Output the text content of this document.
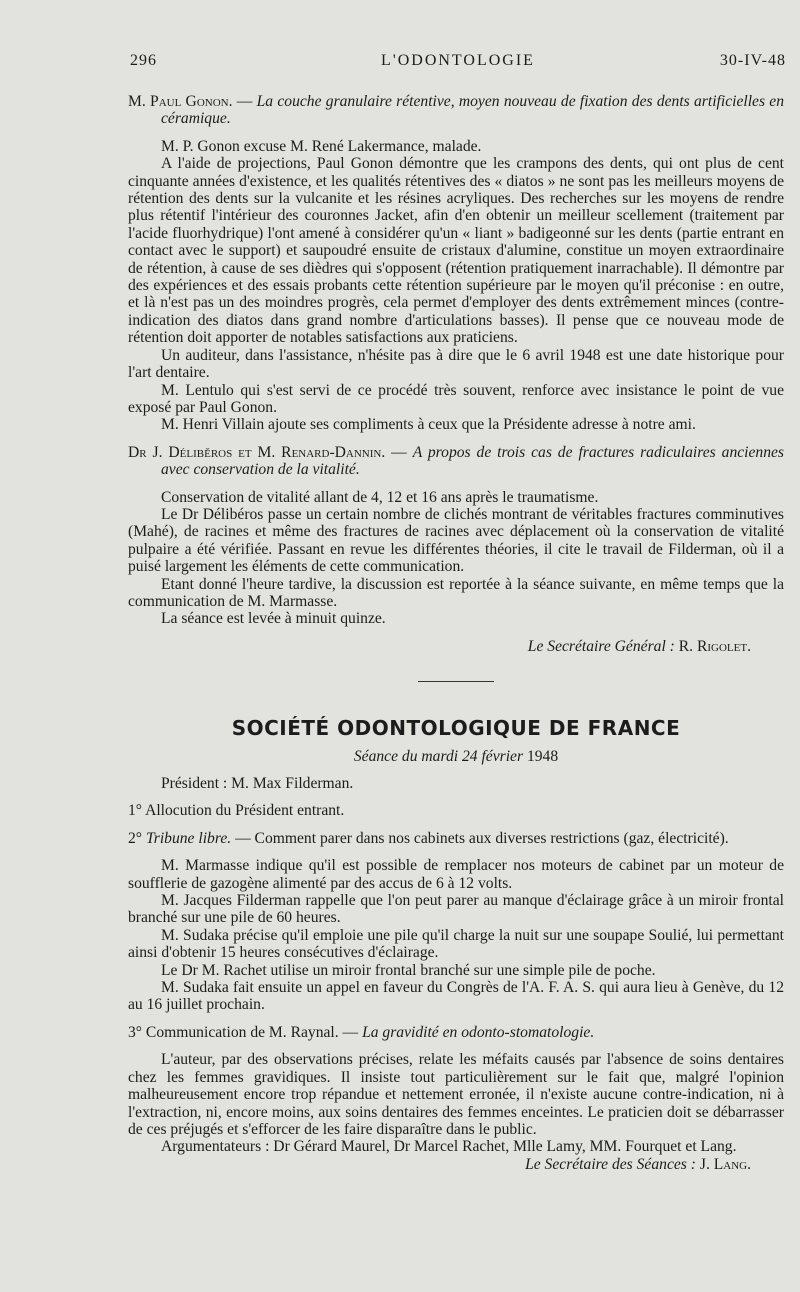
296	L'ODONTOLOGIE	30-IV-48

M. Paul Gonon. — La couche granulaire rétentive, moyen nouveau de fixation des dents artificielles en céramique.

M. P. Gonon excuse M. René Lakermance, malade.

A l'aide de projections, Paul Gonon démontre que les crampons des dents, qui ont plus de cent cinquante années d'existence, et les qualités rétentives des « diatos » ne sont pas les meilleurs moyens de rétention des dents sur la vulcanite et les résines acryliques. Des recherches sur les moyens de rendre plus rétentif l'intérieur des couronnes Jacket, afin d'en obtenir un meilleur scellement (traitement par l'acide fluorhydrique) l'ont amené à considérer qu'un « liant » badigeonné sur les dents (partie entrant en contact avec le support) et saupoudré ensuite de cristaux d'alumine, constitue un moyen extraordinaire de rétention, à cause de ses dièdres qui s'opposent (rétention pratiquement inarrachable). Il démontre par des expériences et des essais probants cette rétention supérieure par le moyen qu'il préconise : en outre, et là n'est pas un des moindres progrès, cela permet d'employer des dents extrêmement minces (contre-indication des diatos dans grand nombre d'articulations basses). Il pense que ce nouveau mode de rétention doit apporter de notables satisfactions aux praticiens.

Un auditeur, dans l'assistance, n'hésite pas à dire que le 6 avril 1948 est une date historique pour l'art dentaire.

M. Lentulo qui s'est servi de ce procédé très souvent, renforce avec insistance le point de vue exposé par Paul Gonon.

M. Henri Villain ajoute ses compliments à ceux que la Présidente adresse à notre ami.

Dr J. Déliběros et M. Renard-Dannin. — A propos de trois cas de fractures radiculaires anciennes avec conservation de la vitalité.

Conservation de vitalité allant de 4, 12 et 16 ans après le traumatisme.

Le Dr Délibéros passe un certain nombre de clichés montrant de véritables fractures comminutives (Mahé), de racines et même des fractures de racines avec déplacement où la conservation de vitalité pulpaire a été vérifiée. Passant en revue les différentes théories, il cite le travail de Filderman, où il a puisé largement les éléments de cette communication.

Etant donné l'heure tardive, la discussion est reportée à la séance suivante, en même temps que la communication de M. Marmasse.

La séance est levée à minuit quinze.

Le Secrétaire Général : R. Rigolet.

SOCIÉTÉ ODONTOLOGIQUE DE FRANCE

Séance du mardi 24 février 1948

Président : M. Max Filderman.

1° Allocution du Président entrant.

2° Tribune libre. — Comment parer dans nos cabinets aux diverses restrictions (gaz, électricité).

M. Marmasse indique qu'il est possible de remplacer nos moteurs de cabinet par un moteur de soufflerie de gazogène alimenté par des accus de 6 à 12 volts.

M. Jacques Filderman rappelle que l'on peut parer au manque d'éclairage grâce à un miroir frontal branché sur une pile de 60 heures.

M. Sudaka précise qu'il emploie une pile qu'il charge la nuit sur une soupape Soulié, lui permettant ainsi d'obtenir 15 heures consécutives d'éclairage.

Le Dr M. Rachet utilise un miroir frontal branché sur une simple pile de poche.

M. Sudaka fait ensuite un appel en faveur du Congrès de l'A. F. A. S. qui aura lieu à Genève, du 12 au 16 juillet prochain.

3° Communication de M. Raynal. — La gravidité en odonto-stomatologie.

L'auteur, par des observations précises, relate les méfaits causés par l'absence de soins dentaires chez les femmes gravidiques. Il insiste tout particulièrement sur le fait que, malgré l'opinion malheureusement encore trop répandue et nettement erronée, il n'existe aucune contre-indication, ni à l'extraction, ni, encore moins, aux soins dentaires des femmes enceintes. Le praticien doit se débarrasser de ces préjugés et s'efforcer de les faire disparaître dans le public.

Argumentateurs : Dr Gérard Maurel, Dr Marcel Rachet, Mlle Lamy, MM. Fourquet et Lang.

Le Secrétaire des Séances : J. Lang.
